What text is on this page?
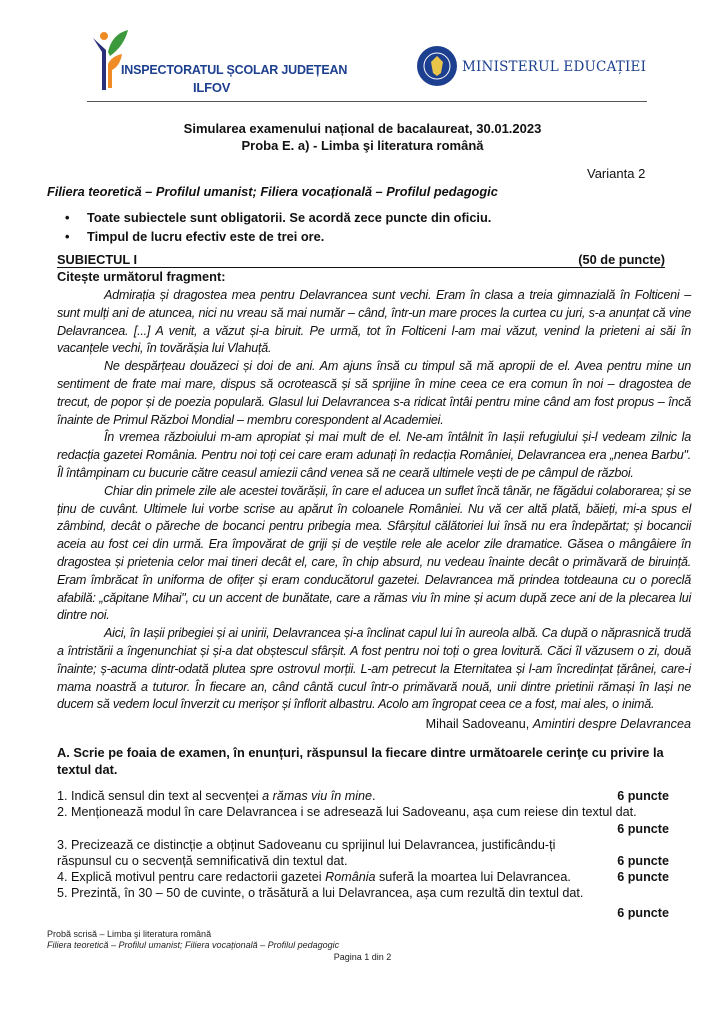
INSPECTORATUL ȘCOLAR JUDEȚEAN
ILFOV
MINISTERUL EDUCAȚIEI
Simularea examenului național de bacalaureat, 30.01.2023
Proba E. a) - Limba şi literatura română
Varianta 2
Filiera teoretică – Profilul umanist; Filiera vocațională – Profilul pedagogic
• Toate subiectele sunt obligatorii. Se acordă zece puncte din oficiu.
• Timpul de lucru efectiv este de trei ore.
SUBIECTUL I	(50 de puncte)
Citește următorul fragment:

Admirația și dragostea mea pentru Delavrancea sunt vechi. Eram în clasa a treia gimnazială în Folticeni – sunt mulți ani de atuncea, nici nu vreau să mai număr – când, într-un mare proces la curtea cu juri, s-a anunțat că vine Delavrancea. [...] A venit, a văzut și-a biruit. Pe urmă, tot în Folticeni l-am mai văzut, venind la prieteni ai săi în vacanțele vechi, în tovărășia lui Vlahuță.

Ne despărțeau douăzeci și doi de ani. Am ajuns însă cu timpul să mă apropii de el. Avea pentru mine un sentiment de frate mai mare, dispus să ocrotească și să sprijine în mine ceea ce era comun în noi – dragostea de trecut, de popor și de poezia populară. Glasul lui Delavrancea s-a ridicat întâi pentru mine când am fost propus – încă înainte de Primul Război Mondial – membru corespondent al Academiei.

În vremea războiului m-am apropiat și mai mult de el. Ne-am întâlnit în Iașii refugiului și-l vedeam zilnic la redacția gazetei România. Pentru noi toți cei care eram adunați în redacția României, Delavrancea era „nenea Barbu". Îl întâmpinam cu bucurie către ceasul amiezii când venea să ne ceară ultimele vești de pe câmpul de război.

Chiar din primele zile ale acestei tovărășii, în care el aducea un suflet încă tânăr, ne făgădui colaborarea; și se ținu de cuvânt. Ultimele lui vorbe scrise au apărut în coloanele României. Nu vă cer altă plată, băieți, mi-a spus el zâmbind, decât o păreche de bocanci pentru pribegia mea. Sfârșitul călătoriei lui însă nu era îndepărtat; și bocancii aceia au fost cei din urmă. Era împovărat de griji și de veștile rele ale acelor zile dramatice. Găsea o mângâiere în dragostea și prietenia celor mai tineri decât el, care, în chip absurd, nu vedeau înainte decât o primăvară de biruință. Eram îmbrăcat în uniforma de ofițer și eram conducătorul gazetei. Delavrancea mă prindea totdeauna cu o poreclă afabilă: „căpitane Mihai", cu un accent de bunătate, care a rămas viu în mine și acum după zece ani de la plecarea lui dintre noi.

Aici, în Iașii pribegiei și ai unirii, Delavrancea și-a înclinat capul lui în aureola albă. Ca după o năprasnică trudă a întristării a îngenunchiat și și-a dat obștescul sfârșit. A fost pentru noi toți o grea lovitură. Căci îl văzusem o zi, două înainte; ș-acuma dintr-odată plutea spre ostrovul morții. L-am petrecut la Eternitatea și l-am încredințat țărânei, care-i mama noastră a tuturor. În fiecare an, când cântă cucul într-o primăvară nouă, unii dintre prietinii rămași în Iași ne ducem să vedem locul înverzit cu merișor și înflorit albastru. Acolo am îngropat ceea ce a fost, mai ales, o inimă.

Mihail Sadoveanu, Amintiri despre Delavrancea
A. Scrie pe foaia de examen, în enunțuri, răspunsul la fiecare dintre următoarele cerinţe cu privire la textul dat.
1. Indică sensul din text al secvenței a rămas viu în mine.	6 puncte
2. Menționează modul în care Delavrancea i se adresează lui Sadoveanu, așa cum reiese din textul dat.
6 puncte
3. Precizează ce distincție a obținut Sadoveanu cu sprijinul lui Delavrancea, justificându-ți răspunsul cu o secvență semnificativă din textul dat.	6 puncte
4. Explică motivul pentru care redactorii gazetei România suferă la moartea lui Delavrancea.	6 puncte
5. Prezintă, în 30 – 50 de cuvinte, o trăsătură a lui Delavrancea, așa cum rezultă din textul dat.
6 puncte
Probă scrisă – Limba şi literatura română
Filiera teoretică – Profilul umanist; Filiera vocațională – Profilul pedagogic
Pagina 1 din 2
